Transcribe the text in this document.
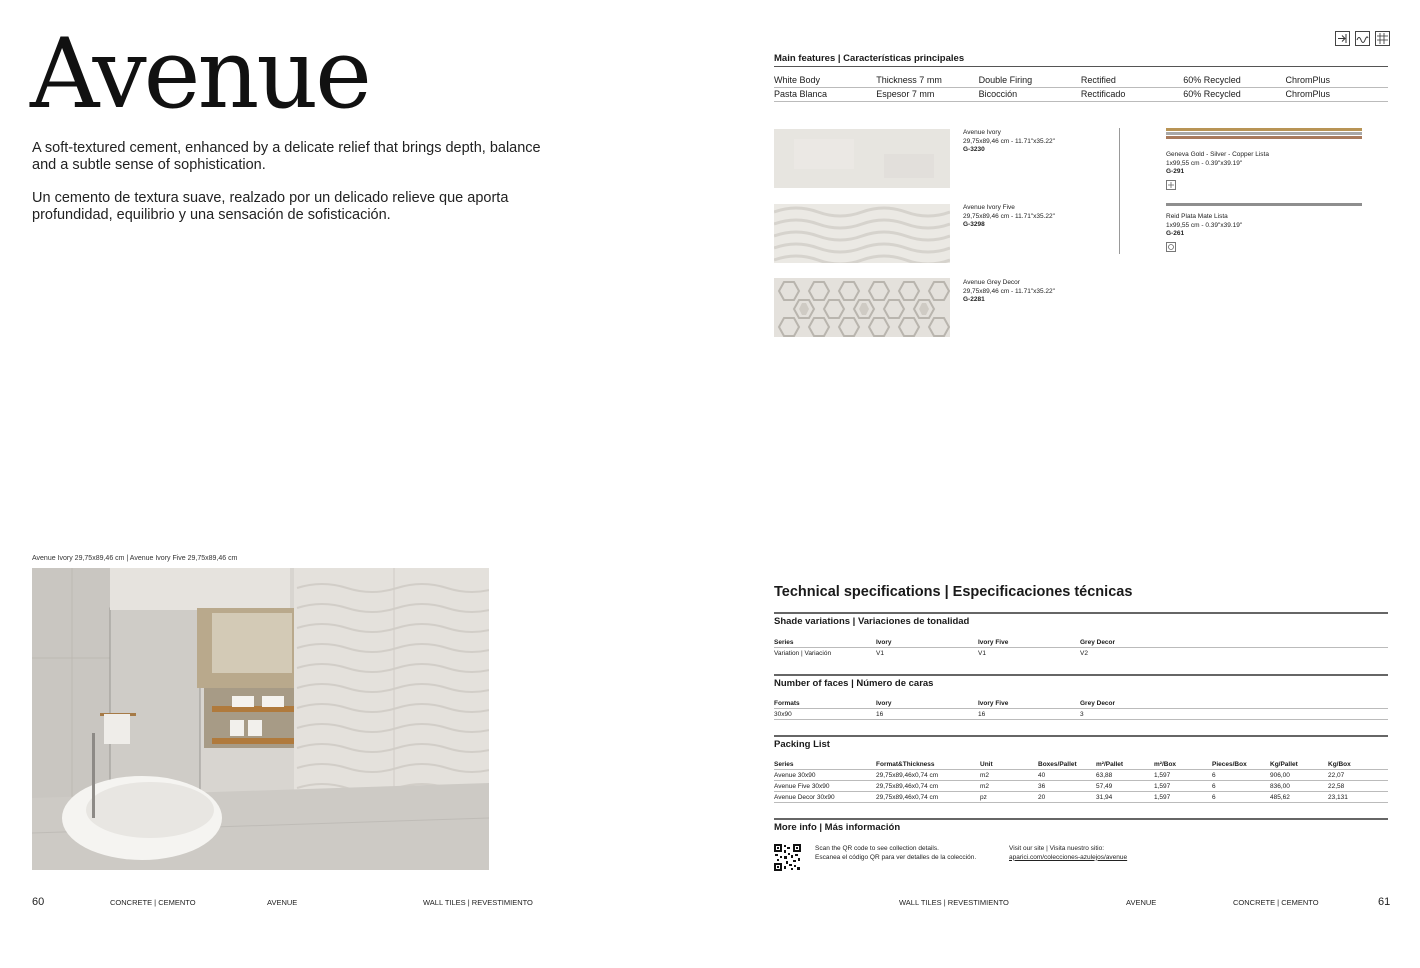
Avenue

A soft-textured cement, enhanced by a delicate relief that brings depth, balance and a subtle sense of sophistication.

Un cemento de textura suave, realzado por un delicado relieve que aporta profundidad, equilibrio y una sensación de sofisticación.

Avenue Ivory 29,75x89,46 cm | Avenue Ivory Five 29,75x89,46 cm
60	CONCRETE | CEMENTO	AVENUE	WALL TILES | REVESTIMIENTO
Main features | Características principales
White Body	Thickness 7 mm	Double Firing	Rectified	60% Recycled	ChromPlus
Pasta Blanca	Espesor 7 mm	Bicocción	Rectificado	60% Recycled	ChromPlus
Avenue Ivory
29,75x89,46 cm - 11.71"x35.22"
G-3230
Avenue Ivory Five
29,75x89,46 cm - 11.71"x35.22"
G-3298
Avenue Grey Decor
29,75x89,46 cm - 11.71"x35.22"
G-2281
Geneva Gold - Silver - Copper Lista
1x99,55 cm - 0.39"x39.19"
G-291
Reid Plata Mate Lista
1x99,55 cm - 0.39"x39.19"
G-261
Technical specifications | Especificaciones técnicas
Shade variations | Variaciones de tonalidad
Series	Ivory	Ivory Five	Grey Decor
Variation | Variación	V1	V1	V2
Number of faces | Número de caras
Formats	Ivory	Ivory Five	Grey Decor
30x90	16	16	3
Packing List
Series	Format&Thickness	Unit	Boxes/Pallet	m²/Pallet	m²/Box	Pieces/Box	Kg/Pallet	Kg/Box
Avenue 30x90	29,75x89,46x0,74 cm	m2	40	63,88	1,597	6	906,00	22,07
Avenue Five 30x90	29,75x89,46x0,74 cm	m2	36	57,49	1,597	6	836,00	22,58
Avenue Decor 30x90	29,75x89,46x0,74 cm	pz	20	31,94	1,597	6	485,62	23,131
More info | Más información
Scan the QR code to see collection details.
Escanea el código QR para ver detalles de la colección.
Visit our site | Visita nuestro sitio:
aparici.com/colecciones-azulejos/avenue
WALL TILES | REVESTIMIENTO	AVENUE	CONCRETE | CEMENTO	61
